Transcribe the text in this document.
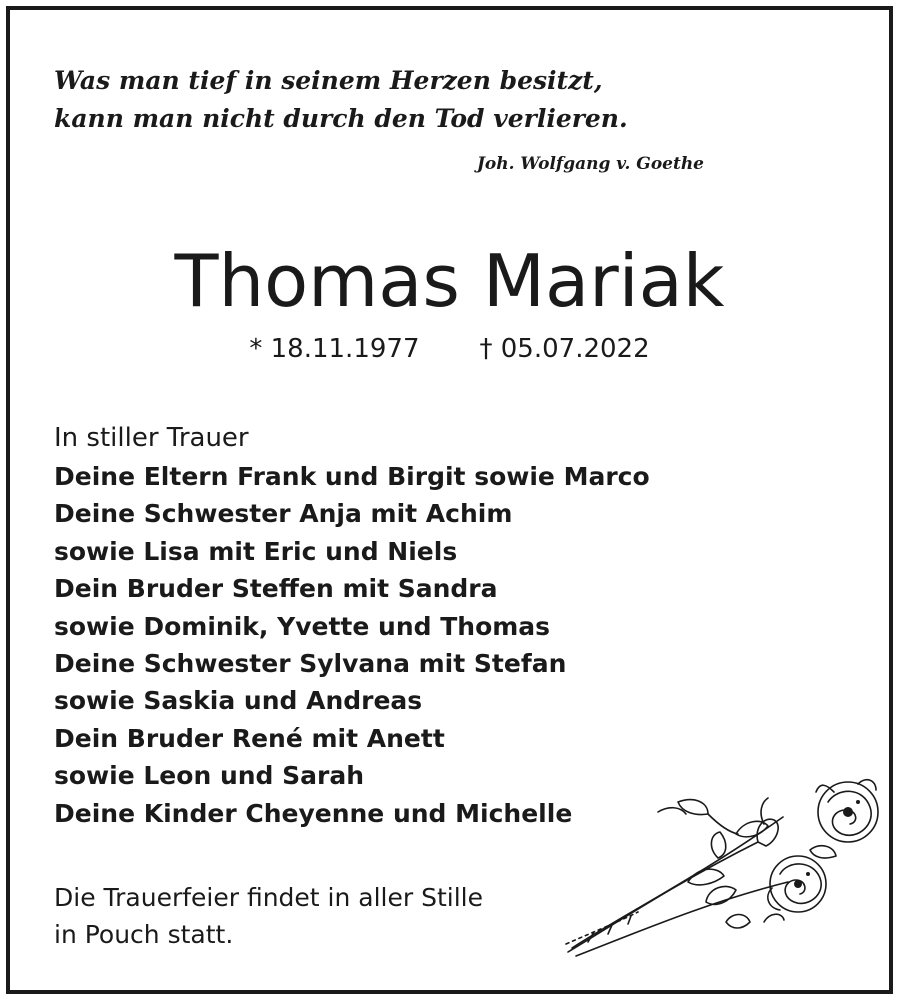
Was man tief in seinem Herzen besitzt,
kann man nicht durch den Tod verlieren.
Joh. Wolfgang v. Goethe
Thomas Mariak
* 18.11.1977 † 05.07.2022
In stiller Trauer
Deine Eltern Frank und Birgit sowie Marco
Deine Schwester Anja mit Achim
sowie Lisa mit Eric und Niels
Dein Bruder Steffen mit Sandra
sowie Dominik, Yvette und Thomas
Deine Schwester Sylvana mit Stefan
sowie Saskia und Andreas
Dein Bruder René mit Anett
sowie Leon und Sarah
Deine Kinder Cheyenne und Michelle
Die Trauerfeier findet in aller Stille
in Pouch statt.
